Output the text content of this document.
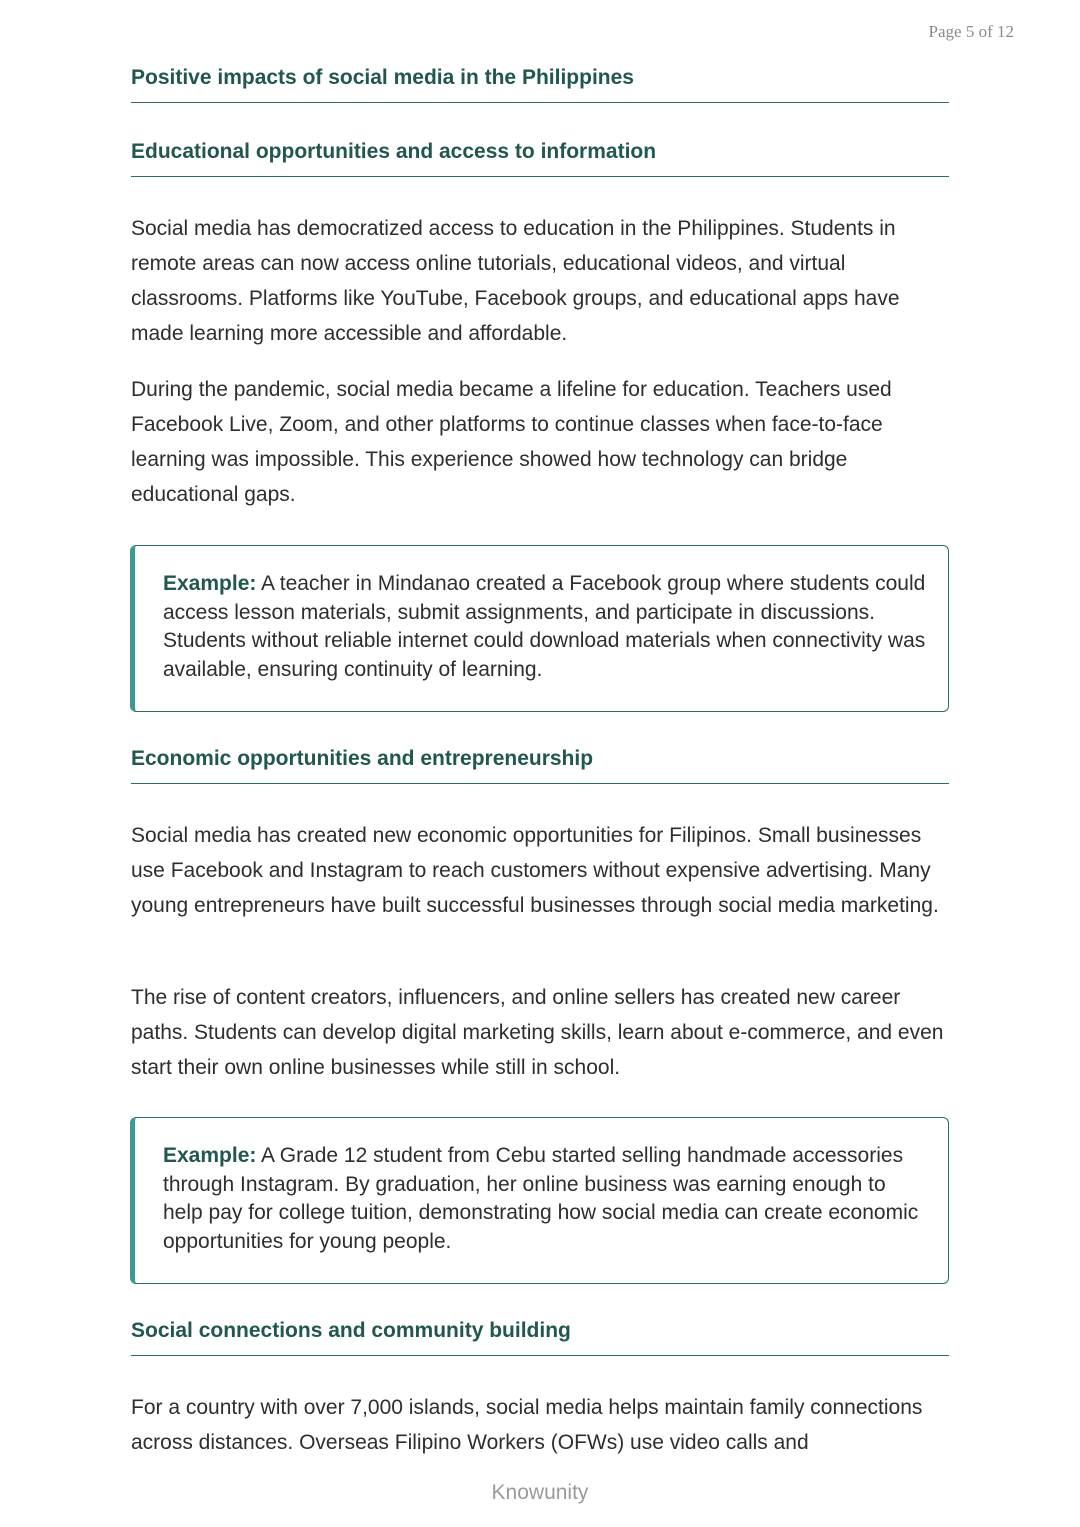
Page 5 of 12
Positive impacts of social media in the Philippines
Educational opportunities and access to information

Social media has democratized access to education in the Philippines. Students in remote areas can now access online tutorials, educational videos, and virtual classrooms. Platforms like YouTube, Facebook groups, and educational apps have made learning more accessible and affordable.

During the pandemic, social media became a lifeline for education. Teachers used Facebook Live, Zoom, and other platforms to continue classes when face-to-face learning was impossible. This experience showed how technology can bridge educational gaps.

Example: A teacher in Mindanao created a Facebook group where students could access lesson materials, submit assignments, and participate in discussions. Students without reliable internet could download materials when connectivity was available, ensuring continuity of learning.

Economic opportunities and entrepreneurship

Social media has created new economic opportunities for Filipinos. Small businesses use Facebook and Instagram to reach customers without expensive advertising. Many young entrepreneurs have built successful businesses through social media marketing.

The rise of content creators, influencers, and online sellers has created new career paths. Students can develop digital marketing skills, learn about e-commerce, and even start their own online businesses while still in school.

Example: A Grade 12 student from Cebu started selling handmade accessories through Instagram. By graduation, her online business was earning enough to help pay for college tuition, demonstrating how social media can create economic opportunities for young people.

Social connections and community building

For a country with over 7,000 islands, social media helps maintain family connections across distances. Overseas Filipino Workers (OFWs) use video calls and

Knowunity
